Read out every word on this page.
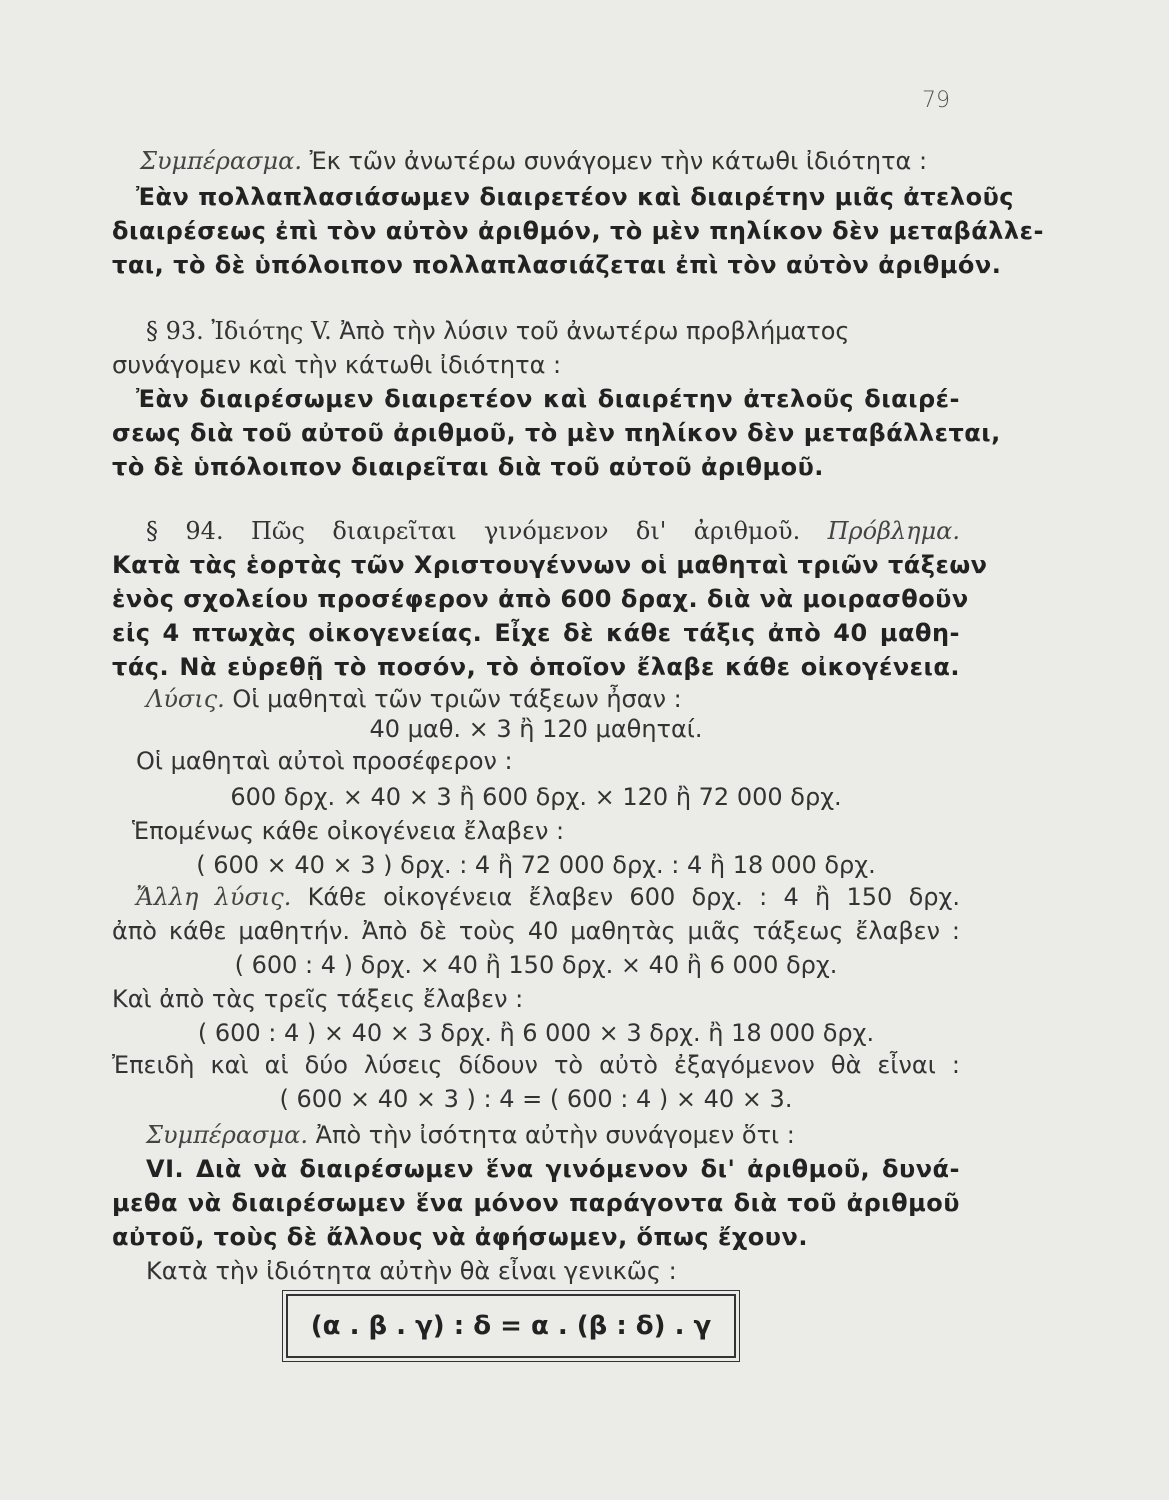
79
Συμπέρασμα. Ἐκ τῶν ἀνωτέρω συνάγομεν τὴν κάτωθι ἰδιότητα :
Ἐὰν πολλαπλασιάσωμεν διαιρετέον καὶ διαιρέτην μιᾶς ἀτελοῦς
διαιρέσεως ἐπὶ τὸν αὐτὸν ἀριθμόν, τὸ μὲν πηλίκον δὲν μεταβάλλε-
ται, τὸ δὲ ὑπόλοιπον πολλαπλασιάζεται ἐπὶ τὸν αὐτὸν ἀριθμόν.
§ 93. Ἰδιότης V. Ἀπὸ τὴν λύσιν τοῦ ἀνωτέρω προβλήματος
συνάγομεν καὶ τὴν κάτωθι ἰδιότητα :
Ἐὰν διαιρέσωμεν διαιρετέον καὶ διαιρέτην ἀτελοῦς διαιρέ-
σεως διὰ τοῦ αὐτοῦ ἀριθμοῦ, τὸ μὲν πηλίκον δὲν μεταβάλλεται,
τὸ δὲ ὑπόλοιπον διαιρεῖται διὰ τοῦ αὐτοῦ ἀριθμοῦ.
§ 94. Πῶς διαιρεῖται γινόμενον δι' ἀριθμοῦ. Πρόβλημα.
Κατὰ τὰς ἑορτὰς τῶν Χριστουγέννων οἱ μαθηταὶ τριῶν τάξεων
ἑνὸς σχολείου προσέφερον ἀπὸ 600 δραχ. διὰ νὰ μοιρασθοῦν
εἰς 4 πτωχὰς οἰκογενείας. Εἶχε δὲ κάθε τάξις ἀπὸ 40 μαθη-
τάς. Νὰ εὑρεθῇ τὸ ποσόν, τὸ ὁποῖον ἔλαβε κάθε οἰκογένεια.
Λύσις. Οἱ μαθηταὶ τῶν τριῶν τάξεων ἦσαν :
40 μαθ. × 3 ἢ 120 μαθηταί.
Οἱ μαθηταὶ αὐτοὶ προσέφερον :
600 δρχ. × 40 × 3 ἢ 600 δρχ. × 120 ἢ 72 000 δρχ.
Ἑπομένως κάθε οἰκογένεια ἔλαβεν :
( 600 × 40 × 3 ) δρχ. : 4 ἢ 72 000 δρχ. : 4 ἢ 18 000 δρχ.
Ἄλλη λύσις. Κάθε οἰκογένεια ἔλαβεν 600 δρχ. : 4 ἢ 150 δρχ.
ἀπὸ κάθε μαθητήν. Ἀπὸ δὲ τοὺς 40 μαθητὰς μιᾶς τάξεως ἔλαβεν :
( 600 : 4 ) δρχ. × 40 ἢ 150 δρχ. × 40 ἢ 6 000 δρχ.
Καὶ ἀπὸ τὰς τρεῖς τάξεις ἔλαβεν :
( 600 : 4 ) × 40 × 3 δρχ. ἢ 6 000 × 3 δρχ. ἢ 18 000 δρχ.
Ἐπειδὴ καὶ αἱ δύο λύσεις δίδουν τὸ αὐτὸ ἐξαγόμενον θὰ εἶναι :
( 600 × 40 × 3 ) : 4 = ( 600 : 4 ) × 40 × 3.
Συμπέρασμα. Ἀπὸ τὴν ἰσότητα αὐτὴν συνάγομεν ὅτι :
VI. Διὰ νὰ διαιρέσωμεν ἕνα γινόμενον δι' ἀριθμοῦ, δυνά-
μεθα νὰ διαιρέσωμεν ἕνα μόνον παράγοντα διὰ τοῦ ἀριθμοῦ
αὐτοῦ, τοὺς δὲ ἄλλους νὰ ἀφήσωμεν, ὅπως ἔχουν.
Κατὰ τὴν ἰδιότητα αὐτὴν θὰ εἶναι γενικῶς :
(α . β . γ) : δ = α . (β : δ) . γ
